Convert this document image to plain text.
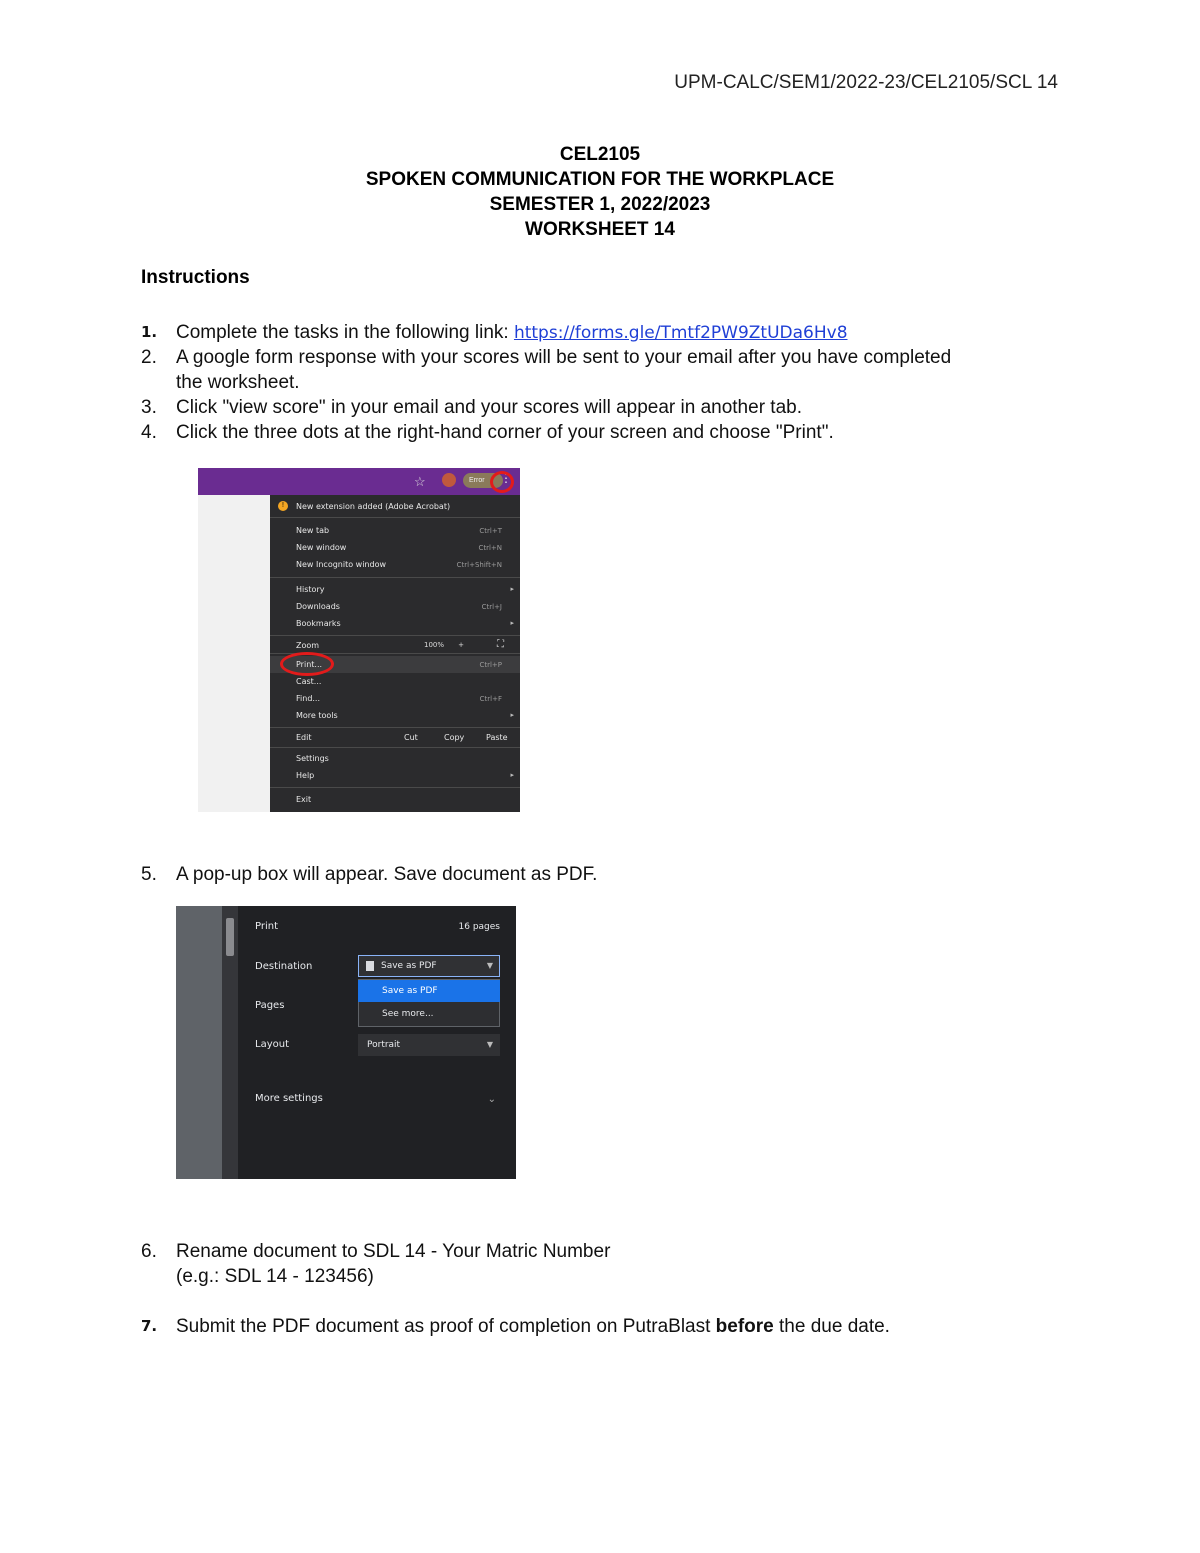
UPM-CALC/SEM1/2022-23/CEL2105/SCL 14
CEL2105
SPOKEN COMMUNICATION FOR THE WORKPLACE
SEMESTER 1, 2022/2023
WORKSHEET 14
Instructions
1. Complete the tasks in the following link: https://forms.gle/Tmtf2PW9ZtUDa6Hv8
2.	A google form response with your scores will be sent to your email after you have completed
the worksheet.
3.	Click "view score" in your email and your scores will appear in another tab.
4.	Click the three dots at the right-hand corner of your screen and choose "Print".
☆	Error	⋮
!	New extension added (Adobe Acrobat)
New tab	Ctrl+T
New window	Ctrl+N
New Incognito window	Ctrl+Shift+N
History	▸
Downloads	Ctrl+J
Bookmarks	▸
Zoom	100% +	⛶
Print...	Ctrl+P
Cast...
Find...	Ctrl+F
More tools	▸
Edit	Cut	Copy	Paste
Settings
Help	▸
Exit
5.	A pop-up box will appear. Save document as PDF.
Print	16 pages
Destination	Save as PDF	▼
Save as PDF
See more...
Pages
Layout	Portrait	▼
More settings	⌄
6.	Rename document to SDL 14 - Your Matric Number
(e.g.: SDL 14 - 123456)
7. Submit the PDF document as proof of completion on PutraBlast before the due date.
